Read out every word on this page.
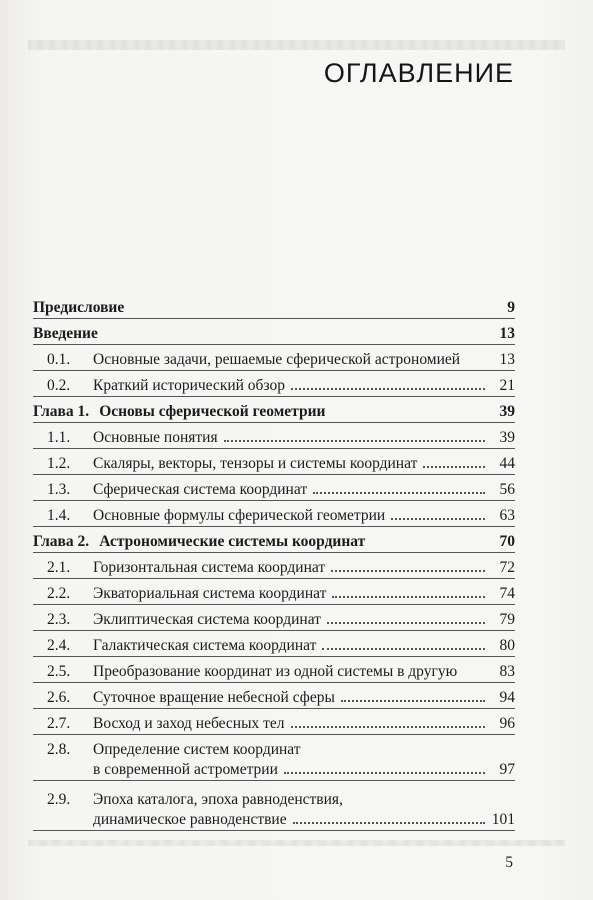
ОГЛАВЛЕНИЕ
Предисловие	9
Введение	13
0.1.	Основные задачи, решаемые сферической астрономией	13
0.2.	Краткий исторический обзор	21
Глава 1. Основы сферической геометрии	39
1.1.	Основные понятия	39
1.2.	Скаляры, векторы, тензоры и системы координат	44
1.3.	Сферическая система координат	56
1.4.	Основные формулы сферической геометрии	63
Глава 2. Астрономические системы координат	70
2.1.	Горизонтальная система координат	72
2.2.	Экваториальная система координат	74
2.3.	Эклиптическая система координат	79
2.4.	Галактическая система координат	80
2.5.	Преобразование координат из одной системы в другую	83
2.6.	Суточное вращение небесной сферы	94
2.7.	Восход и заход небесных тел	96
2.8.	Определение систем координат
в современной астрометрии	97
2.9.	Эпоха каталога, эпоха равноденствия,
динамическое равноденствие	101
5
